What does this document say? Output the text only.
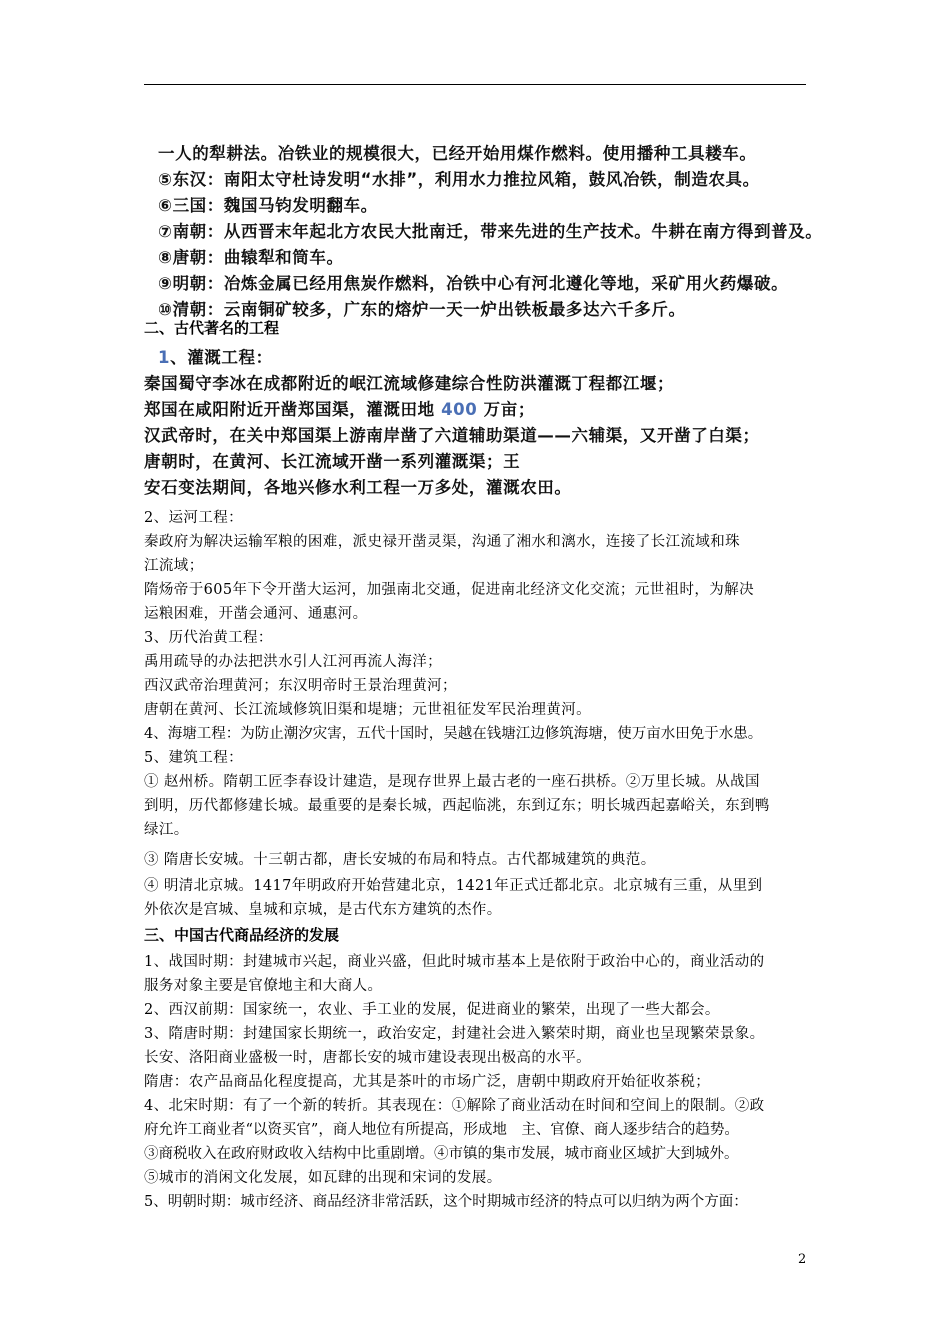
一人的犁耕法。冶铁业的规模很大，已经开始用煤作燃料。使用播种工具耧车。
⑤东汉：南阳太守杜诗发明“水排”，利用水力推拉风箱，鼓风冶铁，制造农具。
⑥三国：魏国马钧发明翻车。
⑦南朝：从西晋末年起北方农民大批南迁，带来先进的生产技术。牛耕在南方得到普及。
⑧唐朝：曲辕犁和筒车。
⑨明朝：冶炼金属已经用焦炭作燃料，冶铁中心有河北遵化等地，采矿用火药爆破。
⑩清朝：云南铜矿较多，广东的熔炉一天一炉出铁板最多达六千多斤。
1、灌溉工程：
秦国蜀守李冰在成都附近的岷江流域修建综合性防洪灌溉丁程都江堰；
郑国在咸阳附近开凿郑国渠，灌溉田地 400 万亩；
汉武帝时，在关中郑国渠上游南岸凿了六道辅助渠道——六辅渠，又开凿了白渠；
唐朝时，在黄河、长江流域开凿一系列灌溉渠；王
安石变法期间，各地兴修水利工程一万多处，灌溉农田。
二、古代著名的工程
2、运河工程：
秦政府为解决运输军粮的困难，派史禄开凿灵渠，沟通了湘水和漓水，连接了长江流域和珠
江流域；
隋炀帝于605年下令开凿大运河，加强南北交通，促进南北经济文化交流；元世祖时，为解决
运粮困难，开凿会通河、通惠河。
3、历代治黄工程：
禹用疏导的办法把洪水引人江河再流人海洋；
西汉武帝治理黄河；东汉明帝时王景治理黄河；
唐朝在黄河、长江流域修筑旧渠和堤塘；元世祖征发军民治理黄河。
4、海塘工程：为防止潮汐灾害，五代十国时，吴越在钱塘江边修筑海塘，使万亩水田免于水患。
5、建筑工程：
① 赵州桥。隋朝工匠李春设计建造，是现存世界上最古老的一座石拱桥。②万里长城。从战国
到明，历代都修建长城。最重要的是秦长城，西起临洮，东到辽东；明长城西起嘉峪关，东到鸭
绿江。
③ 隋唐长安城。十三朝古都，唐长安城的布局和特点。古代都城建筑的典范。
④ 明清北京城。1417年明政府开始营建北京，1421年正式迁都北京。北京城有三重，从里到
外依次是宫城、皇城和京城，是古代东方建筑的杰作。
三、中国古代商品经济的发展
1、战国时期：封建城市兴起，商业兴盛，但此时城市基本上是依附于政治中心的，商业活动的
服务对象主要是官僚地主和大商人。
2、西汉前期：国家统一，农业、手工业的发展，促进商业的繁荣，出现了一些大都会。
3、隋唐时期：封建国家长期统一，政治安定，封建社会进入繁荣时期，商业也呈现繁荣景象。
长安、洛阳商业盛极一时，唐都长安的城市建设表现出极高的水平。
隋唐：农产品商品化程度提高，尤其是茶叶的市场广泛，唐朝中期政府开始征收茶税；
4、北宋时期：有了一个新的转折。其表现在：①解除了商业活动在时间和空间上的限制。②政
府允许工商业者“以资买官”，商人地位有所提高，形成地　主、官僚、商人逐步结合的趋势。
③商税收入在政府财政收入结构中比重剧增。④市镇的集市发展，城市商业区域扩大到城外。
⑤城市的消闲文化发展，如瓦肆的出现和宋词的发展。
5、明朝时期：城市经济、商品经济非常活跃，这个时期城市经济的特点可以归纳为两个方面：
2
